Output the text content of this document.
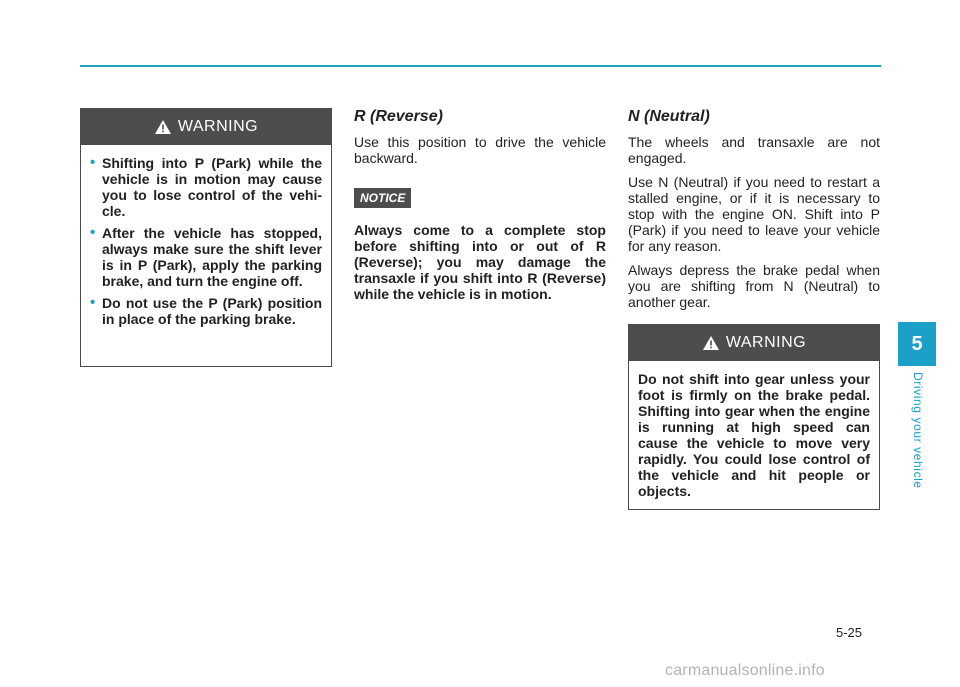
WARNING
• Shifting into P (Park) while the vehicle is in motion may cause you to lose control of the vehi-cle.
• After the vehicle has stopped, always make sure the shift lever is in P (Park), apply the parking brake, and turn the engine off.
• Do not use the P (Park) position in place of the parking brake.
R (Reverse)

Use this position to drive the vehicle backward.

NOTICE

Always come to a complete stop before shifting into or out of R (Reverse); you may damage the transaxle if you shift into R (Reverse) while the vehicle is in motion.

N (Neutral)

The wheels and transaxle are not engaged.

Use N (Neutral) if you need to restart a stalled engine, or if it is necessary to stop with the engine ON. Shift into P (Park) if you need to leave your vehicle for any reason.

Always depress the brake pedal when you are shifting from N (Neutral) to another gear.

WARNING
Do not shift into gear unless your foot is firmly on the brake pedal. Shifting into gear when the engine is running at high speed can cause the vehicle to move very rapidly. You could lose control of the vehicle and hit people or objects.
5
Driving your vehicle
5-25
carmanualsonline.info
